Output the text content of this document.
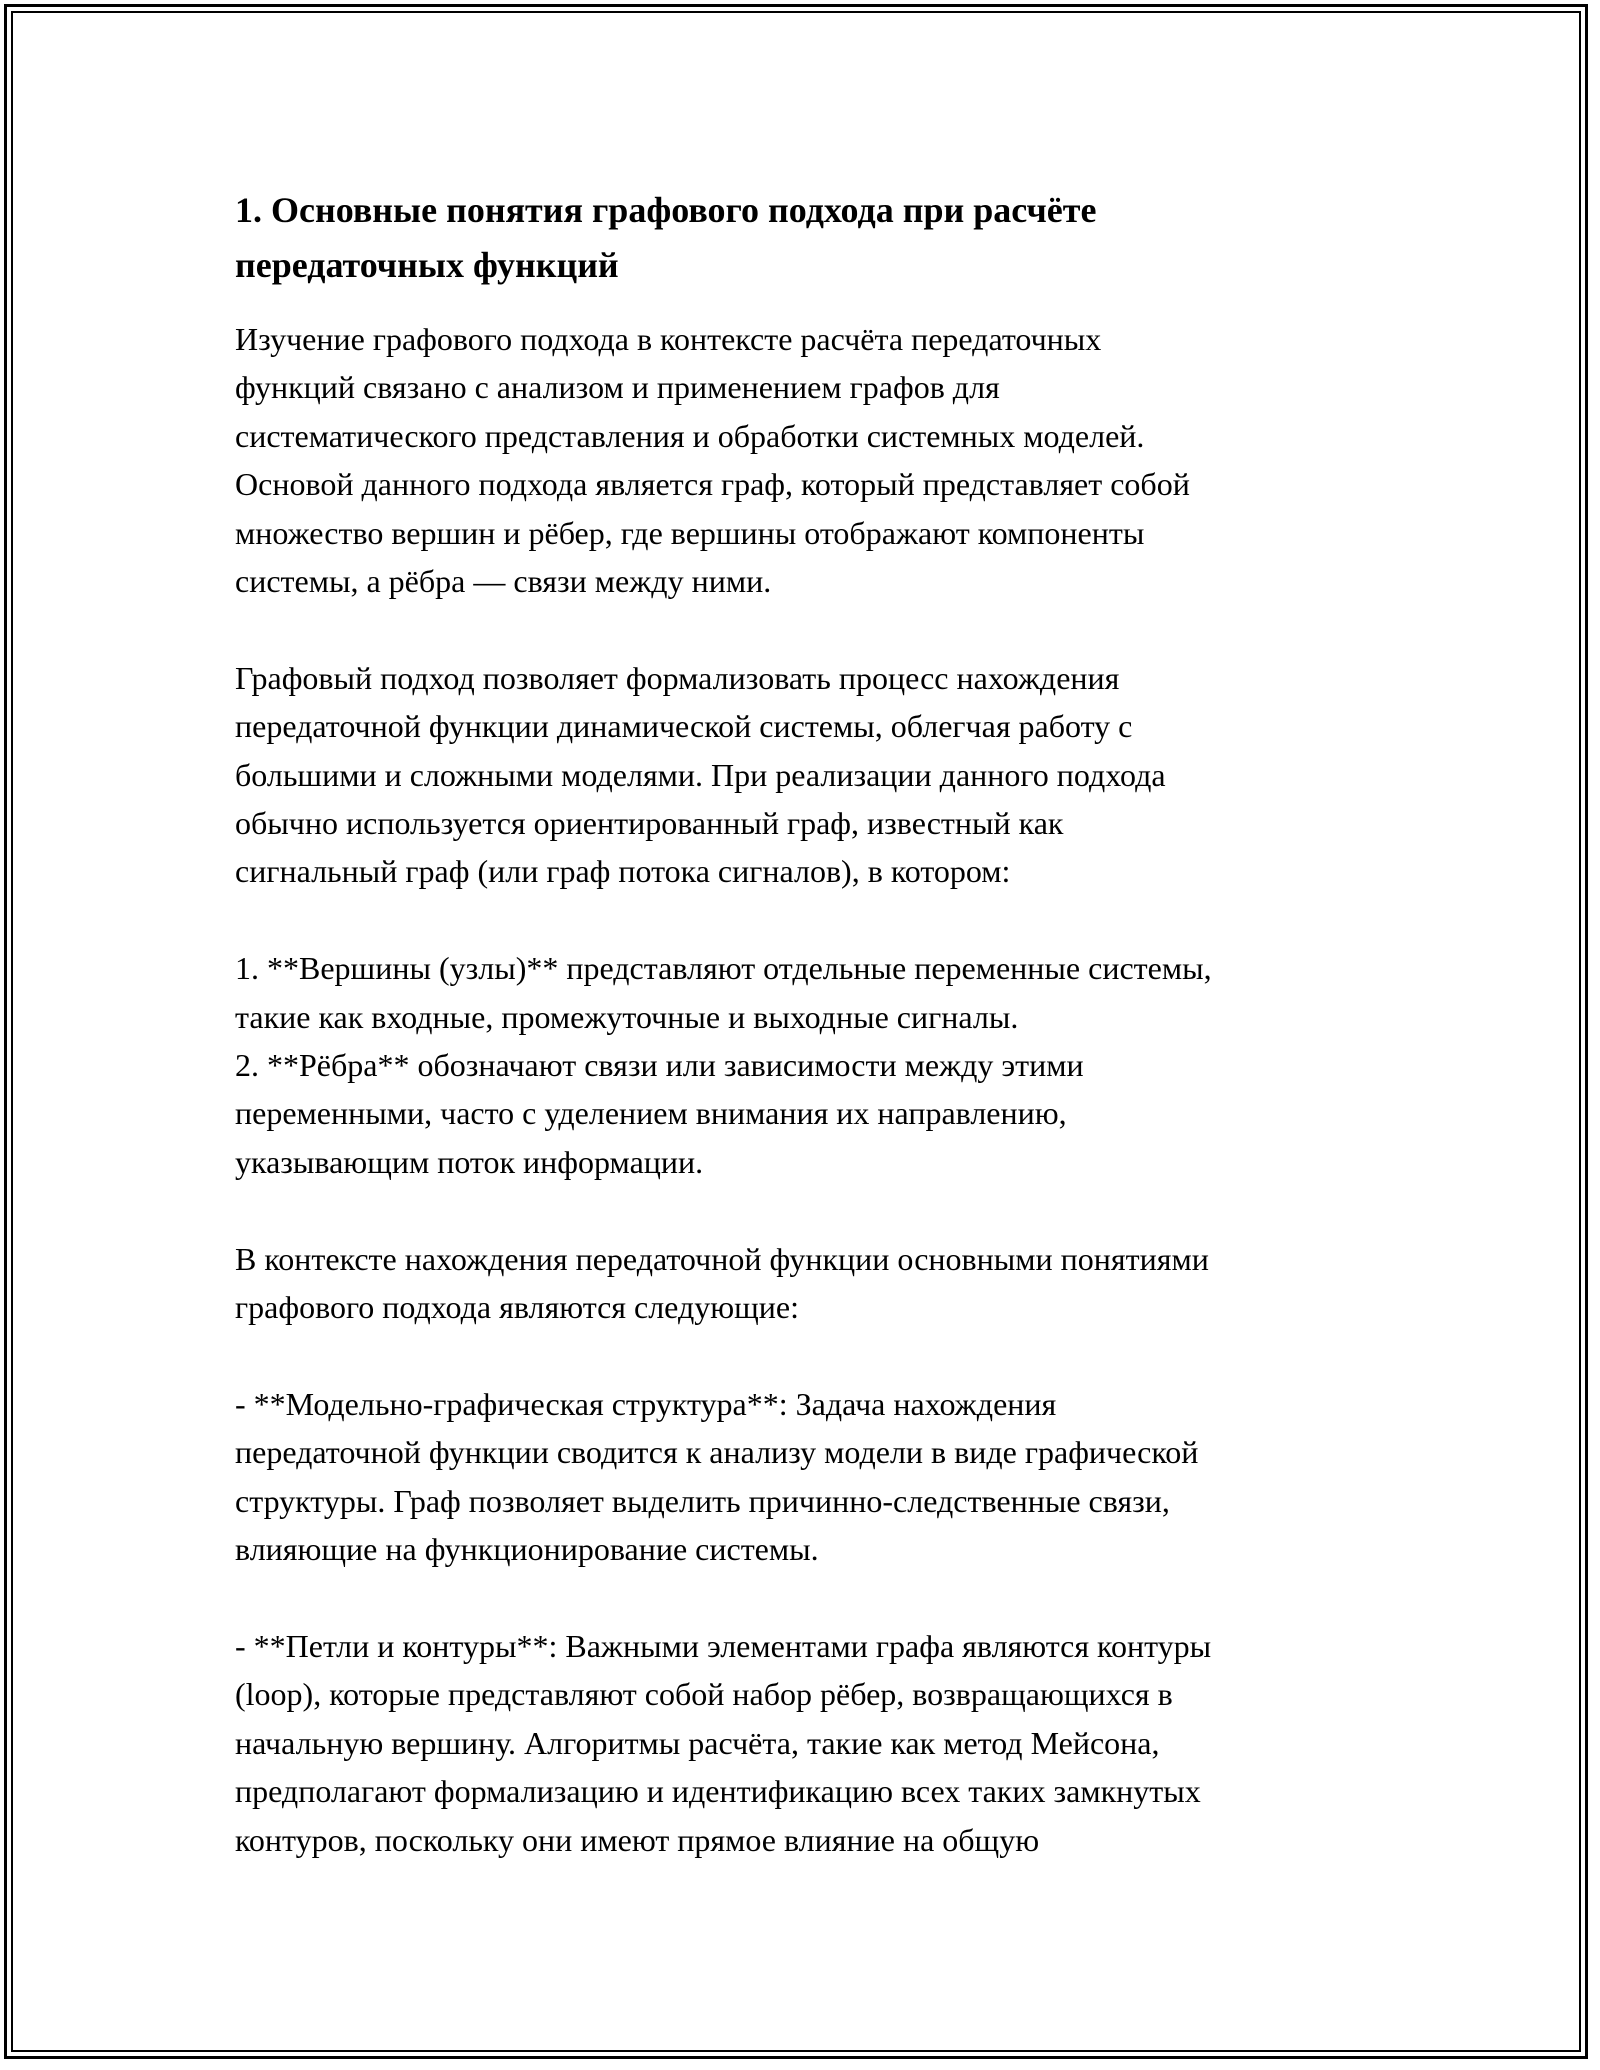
1. Основные понятия графового подхода при расчёте
передаточных функций

Изучение графового подхода в контексте расчёта передаточных
функций связано с анализом и применением графов для
систематического представления и обработки системных моделей.
Основой данного подхода является граф, который представляет собой
множество вершин и рёбер, где вершины отображают компоненты
системы, а рёбра — связи между ними.

Графовый подход позволяет формализовать процесс нахождения
передаточной функции динамической системы, облегчая работу с
большими и сложными моделями. При реализации данного подхода
обычно используется ориентированный граф, известный как
сигнальный граф (или граф потока сигналов), в котором:

1. **Вершины (узлы)** представляют отдельные переменные системы,
такие как входные, промежуточные и выходные сигналы.
2. **Рёбра** обозначают связи или зависимости между этими
переменными, часто с уделением внимания их направлению,
указывающим поток информации.

В контексте нахождения передаточной функции основными понятиями
графового подхода являются следующие:

- **Модельно-графическая структура**: Задача нахождения
передаточной функции сводится к анализу модели в виде графической
структуры. Граф позволяет выделить причинно-следственные связи,
влияющие на функционирование системы.

- **Петли и контуры**: Важными элементами графа являются контуры
(loop), которые представляют собой набор рёбер, возвращающихся в
начальную вершину. Алгоритмы расчёта, такие как метод Мейсона,
предполагают формализацию и идентификацию всех таких замкнутых
контуров, поскольку они имеют прямое влияние на общую
